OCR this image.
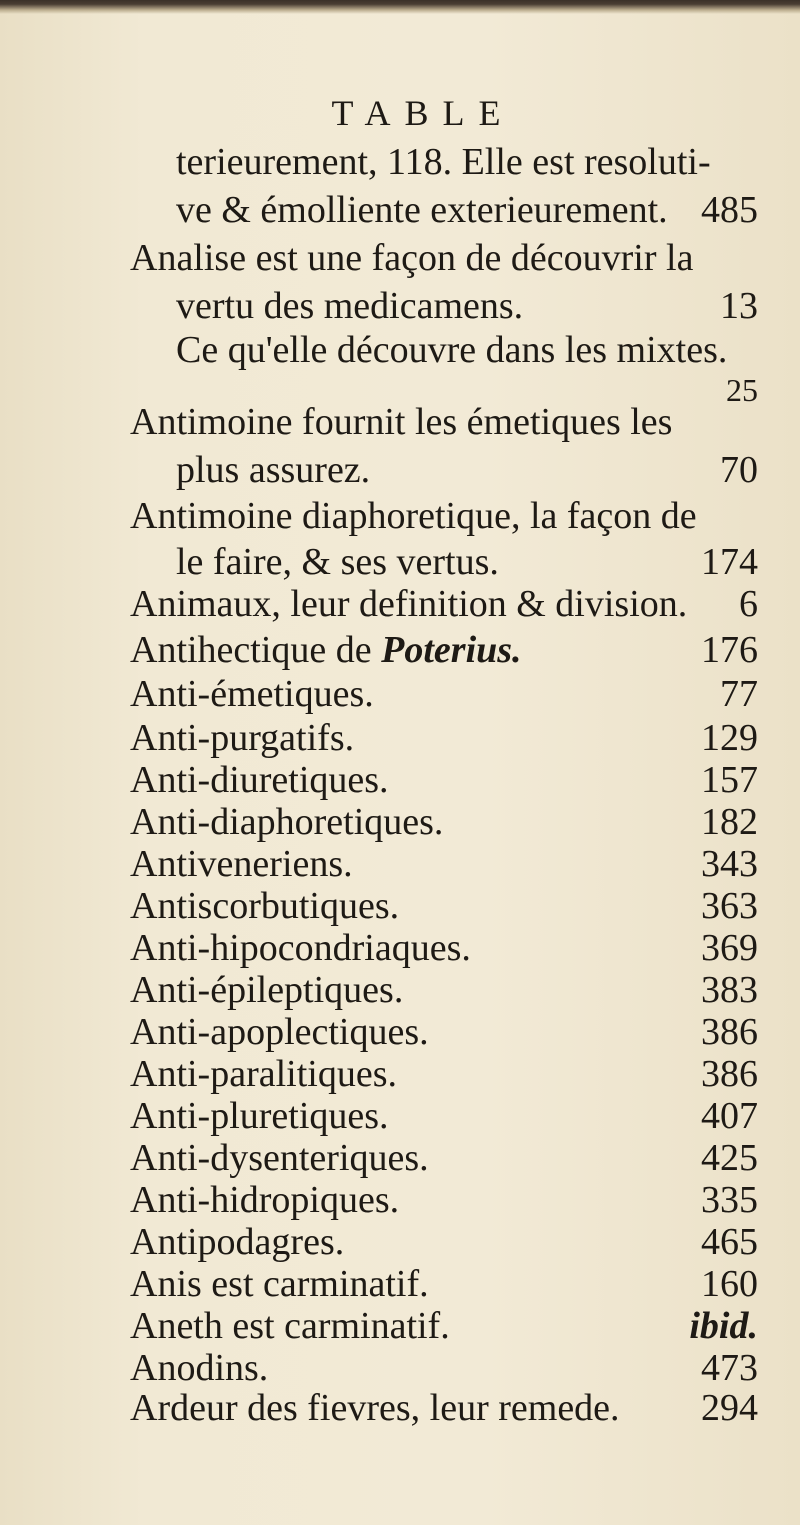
TABLE
terieurement, 118. Elle est resoluti-
ve & émolliente exterieurement. 485
Analise est une façon de découvrir la
vertu des medicamens.	13
Ce qu'elle découvre dans les mixtes.
25
Antimoine fournit les émetiques les
plus assurez.	70
Antimoine diaphoretique, la façon de
le faire, & ses vertus.	174
Animaux, leur definition & division. 6
Antihectique de Poterius.	176
Anti-émetiques.	77
Anti-purgatifs.	129
Anti-diuretiques.	157
Anti-diaphoretiques.	182
Antiveneriens.	343
Antiscorbutiques.	363
Anti-hipocondriaques.	369
Anti-épileptiques.	383
Anti-apoplectiques.	386
Anti-paralitiques.	386
Anti-pluretiques.	407
Anti-dysenteriques.	425
Anti-hidropiques.	335
Antipodagres.	465
Anis est carminatif.	160
Aneth est carminatif.	ibid.
Anodins.	473
Ardeur des fievres, leur remede. 294
